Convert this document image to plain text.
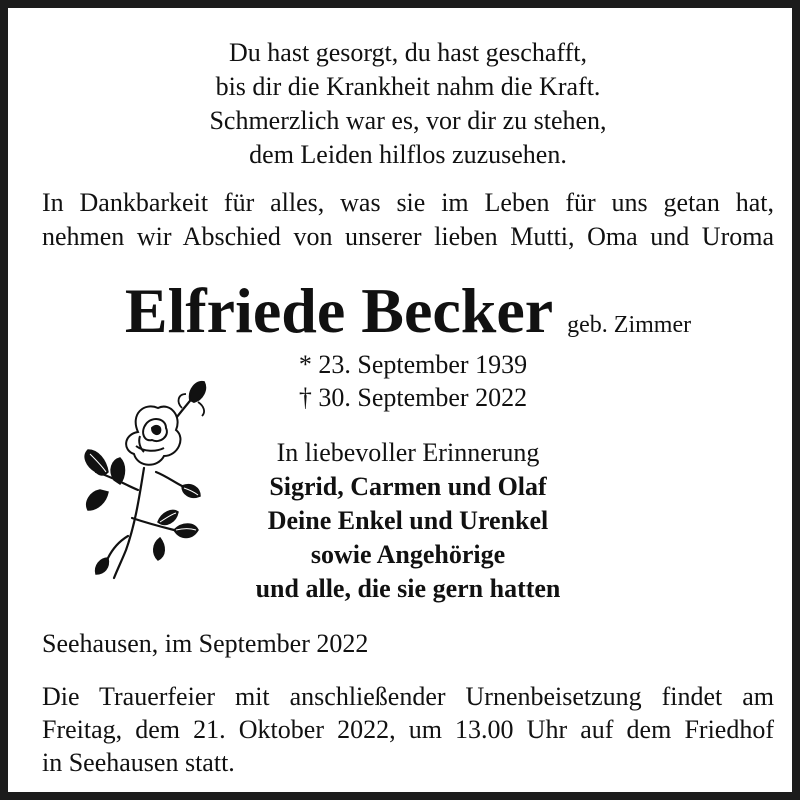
Du hast gesorgt, du hast geschafft,
bis dir die Krankheit nahm die Kraft.
Schmerzlich war es, vor dir zu stehen,
dem Leiden hilflos zuzusehen.
In Dankbarkeit für alles, was sie im Leben für uns getan hat,
nehmen wir Abschied von unserer lieben Mutti, Oma und Uroma
Elfriede Becker geb. Zimmer
* 23. September 1939
† 30. September 2022
In liebevoller Erinnerung
Sigrid, Carmen und Olaf
Deine Enkel und Urenkel
sowie Angehörige
und alle, die sie gern hatten
Seehausen, im September 2022
Die Trauerfeier mit anschließender Urnenbeisetzung findet am
Freitag, dem 21. Oktober 2022, um 13.00 Uhr auf dem Friedhof
in Seehausen statt.
